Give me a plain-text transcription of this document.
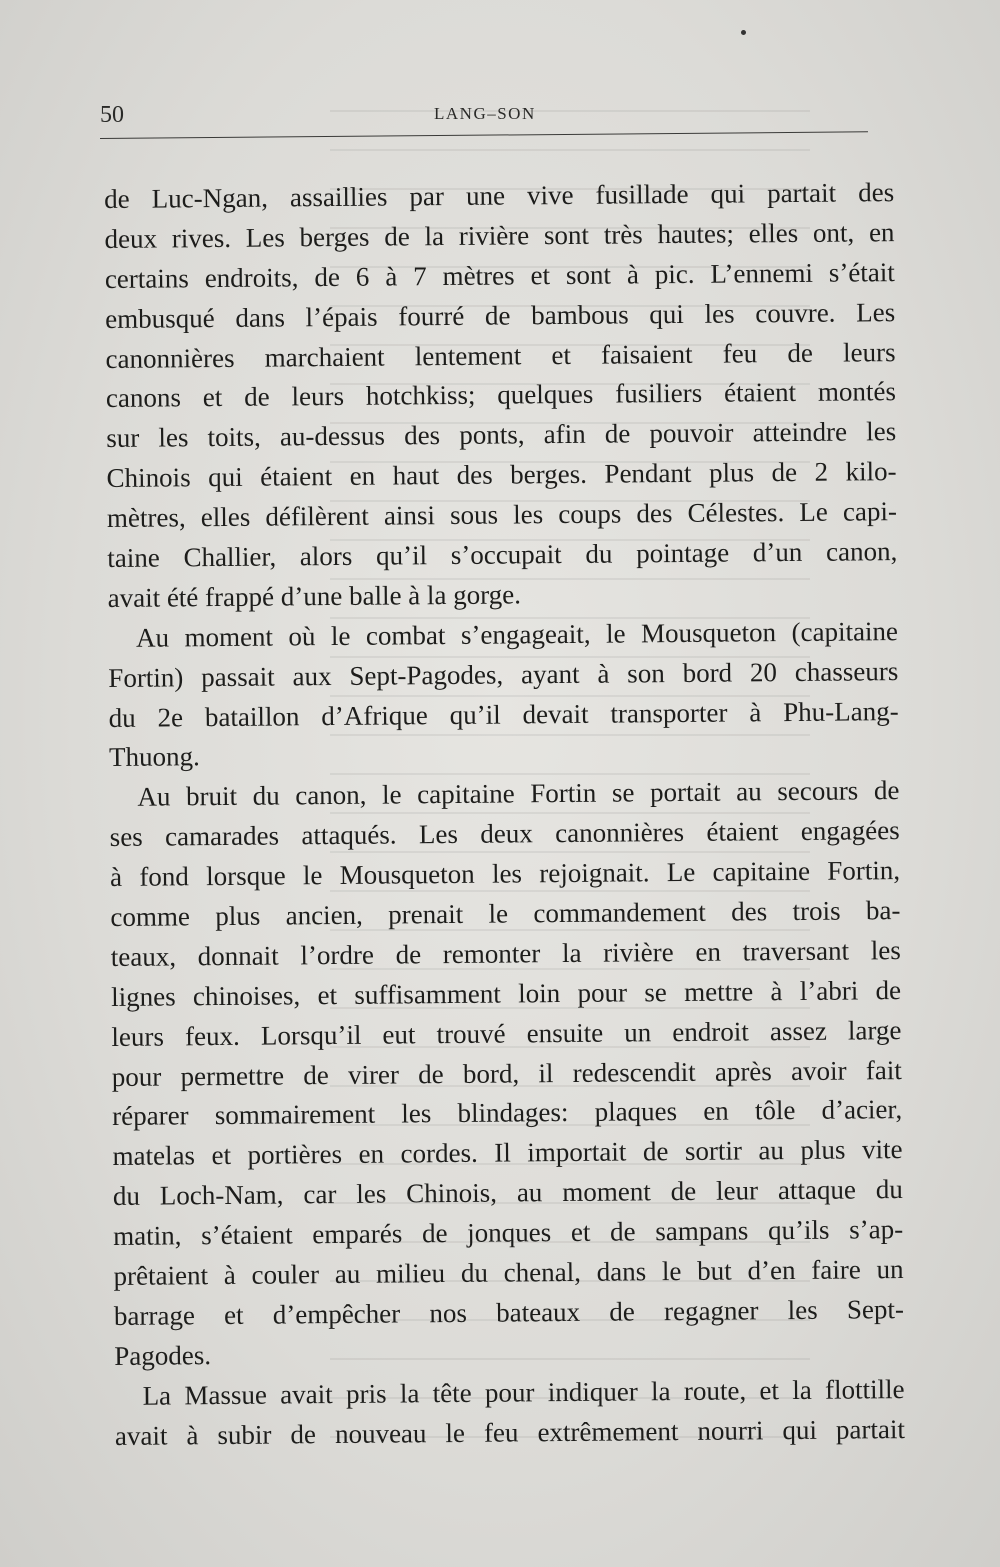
50	LANG–SON
de Luc-Ngan, assaillies par une vive fusillade qui partait des
deux rives. Les berges de la rivière sont très hautes; elles ont, en
certains endroits, de 6 à 7 mètres et sont à pic. L’ennemi s’était
embusqué dans l’épais fourré de bambous qui les couvre. Les
canonnières marchaient lentement et faisaient feu de leurs
canons et de leurs hotchkiss; quelques fusiliers étaient montés
sur les toits, au-dessus des ponts, afin de pouvoir atteindre les
Chinois qui étaient en haut des berges. Pendant plus de 2 kilo-
mètres, elles défilèrent ainsi sous les coups des Célestes. Le capi-
taine Challier, alors qu’il s’occupait du pointage d’un canon,
avait été frappé d’une balle à la gorge.
Au moment où le combat s’engageait, le Mousqueton (capitaine
Fortin) passait aux Sept-Pagodes, ayant à son bord 20 chasseurs
du 2e bataillon d’Afrique qu’il devait transporter à Phu-Lang-
Thuong.
Au bruit du canon, le capitaine Fortin se portait au secours de
ses camarades attaqués. Les deux canonnières étaient engagées
à fond lorsque le Mousqueton les rejoignait. Le capitaine Fortin,
comme plus ancien, prenait le commandement des trois ba-
teaux, donnait l’ordre de remonter la rivière en traversant les
lignes chinoises, et suffisamment loin pour se mettre à l’abri de
leurs feux. Lorsqu’il eut trouvé ensuite un endroit assez large
pour permettre de virer de bord, il redescendit après avoir fait
réparer sommairement les blindages: plaques en tôle d’acier,
matelas et portières en cordes. Il importait de sortir au plus vite
du Loch-Nam, car les Chinois, au moment de leur attaque du
matin, s’étaient emparés de jonques et de sampans qu’ils s’ap-
prêtaient à couler au milieu du chenal, dans le but d’en faire un
barrage et d’empêcher nos bateaux de regagner les Sept-
Pagodes.
La Massue avait pris la tête pour indiquer la route, et la flottille
avait à subir de nouveau le feu extrêmement nourri qui partait
